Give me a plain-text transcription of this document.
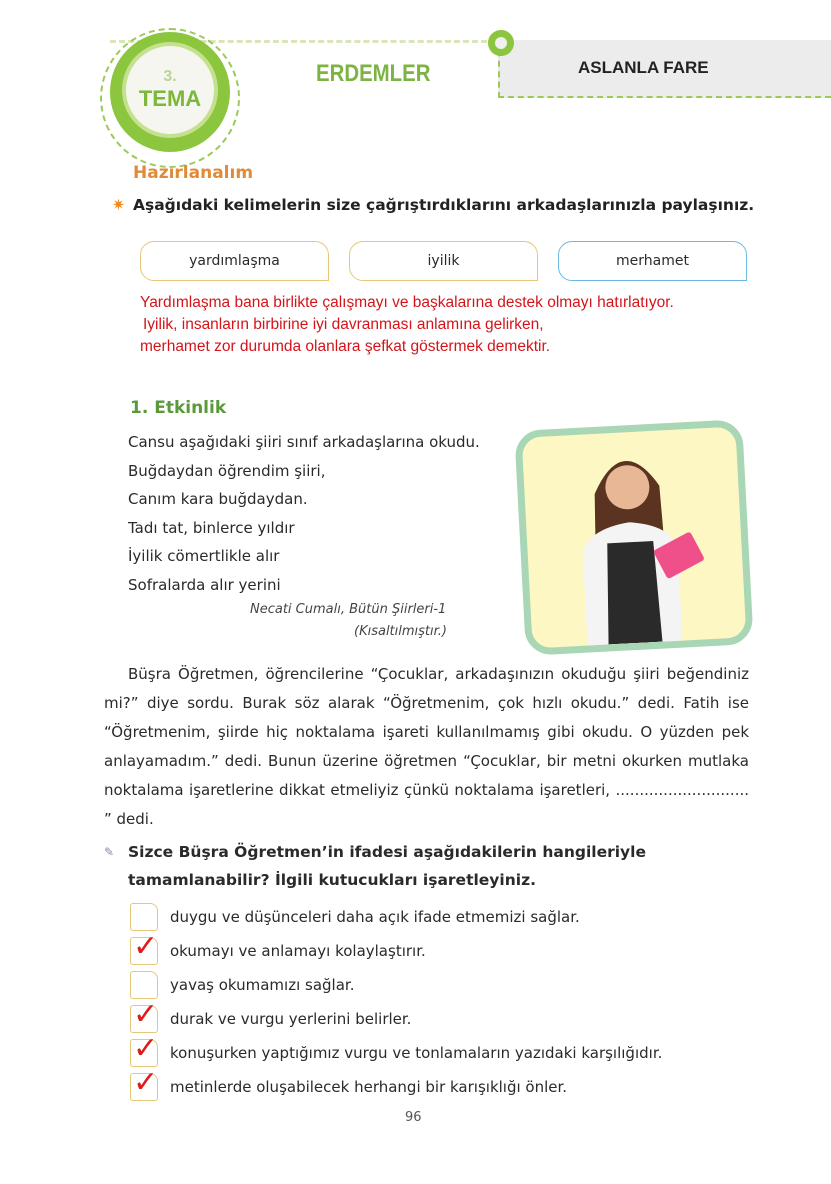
3.
TEMA
ERDEMLER	ASLANLA FARE
Hazırlanalım
✷ Aşağıdaki kelimelerin size çağrıştırdıklarını arkadaşlarınızla paylaşınız.
yardımlaşma	iyilik	merhamet
Yardımlaşma bana birlikte çalışmayı ve başkalarına destek olmayı hatırlatıyor.
Iyilik, insanların birbirine iyi davranması anlamına gelirken,
merhamet zor durumda olanlara şefkat göstermek demektir.
1. Etkinlik
Cansu aşağıdaki şiiri sınıf arkadaşlarına okudu.
Buğdaydan öğrendim şiiri,
Canım kara buğdaydan.
Tadı tat, binlerce yıldır
İyilik cömertlikle alır
Sofralarda alır yerini
Necati Cumalı, Bütün Şiirleri-1
(Kısaltılmıştır.)
Büşra Öğretmen, öğrencilerine “Çocuklar, arkadaşınızın okuduğu şiiri beğendiniz mi?” diye sordu. Burak söz alarak “Öğretmenim, çok hızlı okudu.” dedi. Fatih ise “Öğretmenim, şiirde hiç noktalama işareti kullanılmamış gibi okudu. O yüzden pek anlayamadım.” dedi. Bunun üzerine öğretmen “Çocuklar, bir metni okurken mutlaka noktalama işaretlerine dikkat etmeliyiz çünkü noktalama işaretleri, ............................ ” dedi.
✎ Sizce Büşra Öğretmen’in ifadesi aşağıdakilerin hangileriyle tamamlanabilir? İlgili kutucukları işaretleyiniz.
duygu ve düşünceleri daha açık ifade etmemizi sağlar.
✓ okumayı ve anlamayı kolaylaştırır.
yavaş okumamızı sağlar.
✓ durak ve vurgu yerlerini belirler.
✓ konuşurken yaptığımız vurgu ve tonlamaların yazıdaki karşılığıdır.
✓ metinlerde oluşabilecek herhangi bir karışıklığı önler.
96
